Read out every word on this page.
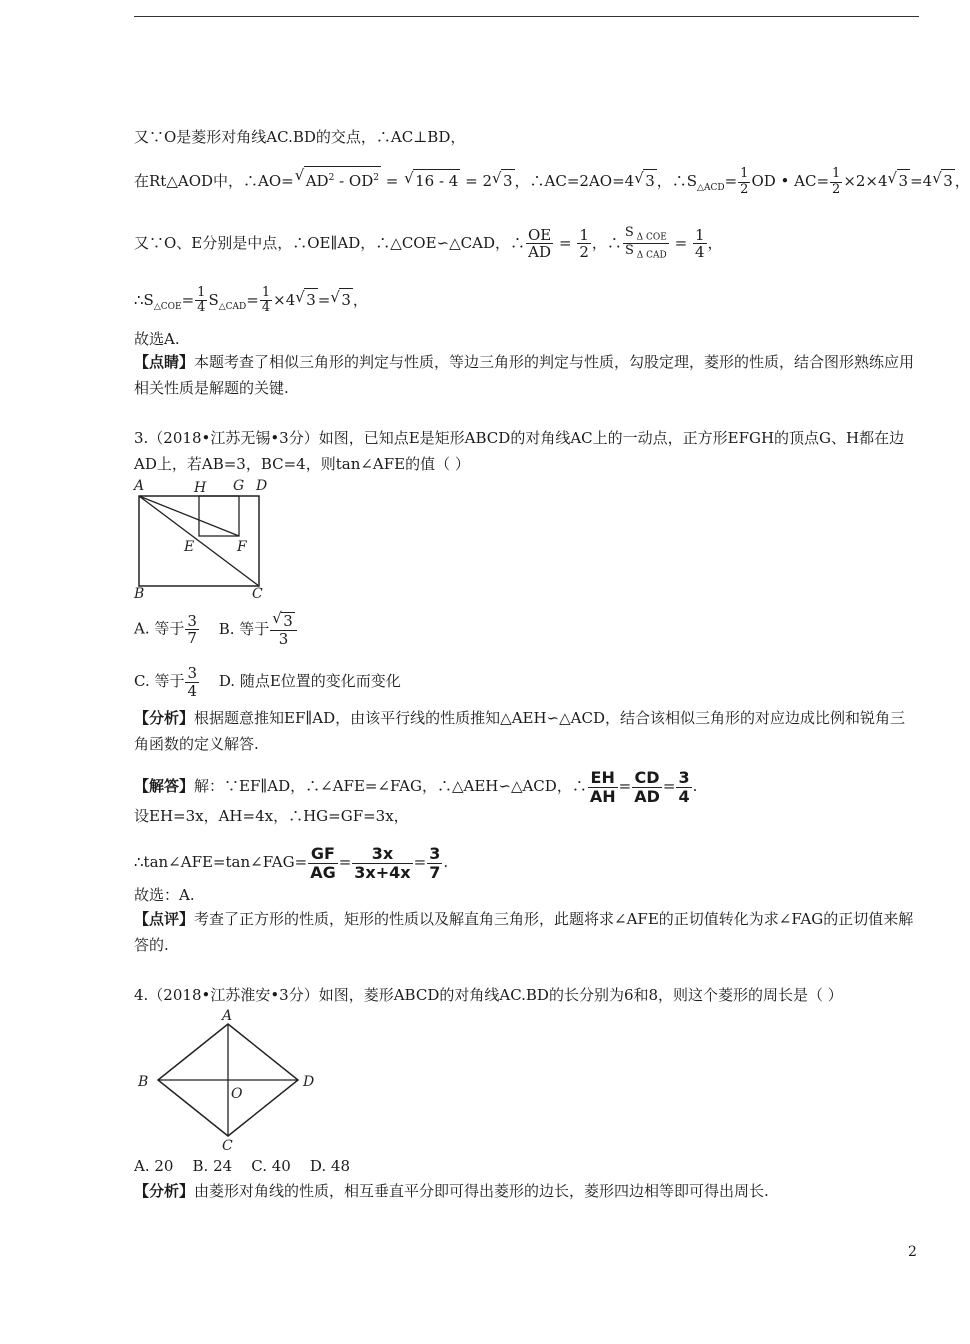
又∵O是菱形对角线AC.BD的交点，∴AC⊥BD，
在Rt△AOD中，∴AO=√ $AD^2 - OD^2$ = √ 16 - 4 = 2√ 3 ，∴AC=2AO=4√ 3 ，$\therefore S_{\triangle ACD}= \frac{1}{2}$ OD • $AC= \frac{1}{2} \times 2\times 4√$ 3 =4√ 3 ，
又∵O、E分别是中点，∴OE∥AD，∴△COE∽△CAD，∴ $\frac{OE}{AD} = \frac{1}{2}$ ，∴ $\frac{S _{\Delta COE}}{S _{\Delta CAD}} = \frac{1}{4}$ ，
$\therefore S_{\triangle COE}= \frac{1}{4} S_{\triangle CAD}= \frac{1}{4} \times 4√$ 3 =√ 3 ，
故选A.
【点睛】本题考查了相似三角形的判定与性质，等边三角形的判定与性质，勾股定理，菱形的性质，结合图形熟练应用相关性质是解题的关键.
3.（2018•江苏无锡•3分）如图，已知点E是矩形ABCD的对角线AC上的一动点，正方形EFGH的顶点G、H都在边AD上，若AB=3，BC=4，则tan∠AFE的值（ ）
A	H G D
E	F
B	C
A. 等于 $\frac{3}{7} B$. 等于
√ $\frac{3}{3}$
C. 等于 $\frac{3}{4} D$. 随点E位置的变化而变化
【分析】根据题意推知EF∥AD，由该平行线的性质推知△AEH∽△ACD，结合该相似三角形的对应边成比例和锐角三角函数的定义解答.
【解答】解：∵EF∥AD，∴∠AFE=∠FAG，∴△AEH∽△ACD，∴ $\frac{EH}{AH} = \frac{CD}{AD} = \frac{3}{4}$ .
设EH=3x，AH=4x，∴HG=GF=3x，
∴tan∠AFE=tan∠FAG= $\frac{GF}{AG} = \frac{3x}{3x+4x} = \frac{3}{7}$ .
故选：A.
【点评】考查了正方形的性质，矩形的性质以及解直角三角形，此题将求∠AFE的正切值转化为求∠FAG的正切值来解答的.
4.（2018•江苏淮安•3分）如图，菱形ABCD的对角线AC.BD的长分别为6和8，则这个菱形的周长是（ ）
A
B	D
O
C
A. 20    B. 24    C. 40    D. 48
【分析】由菱形对角线的性质，相互垂直平分即可得出菱形的边长，菱形四边相等即可得出周长.
2
